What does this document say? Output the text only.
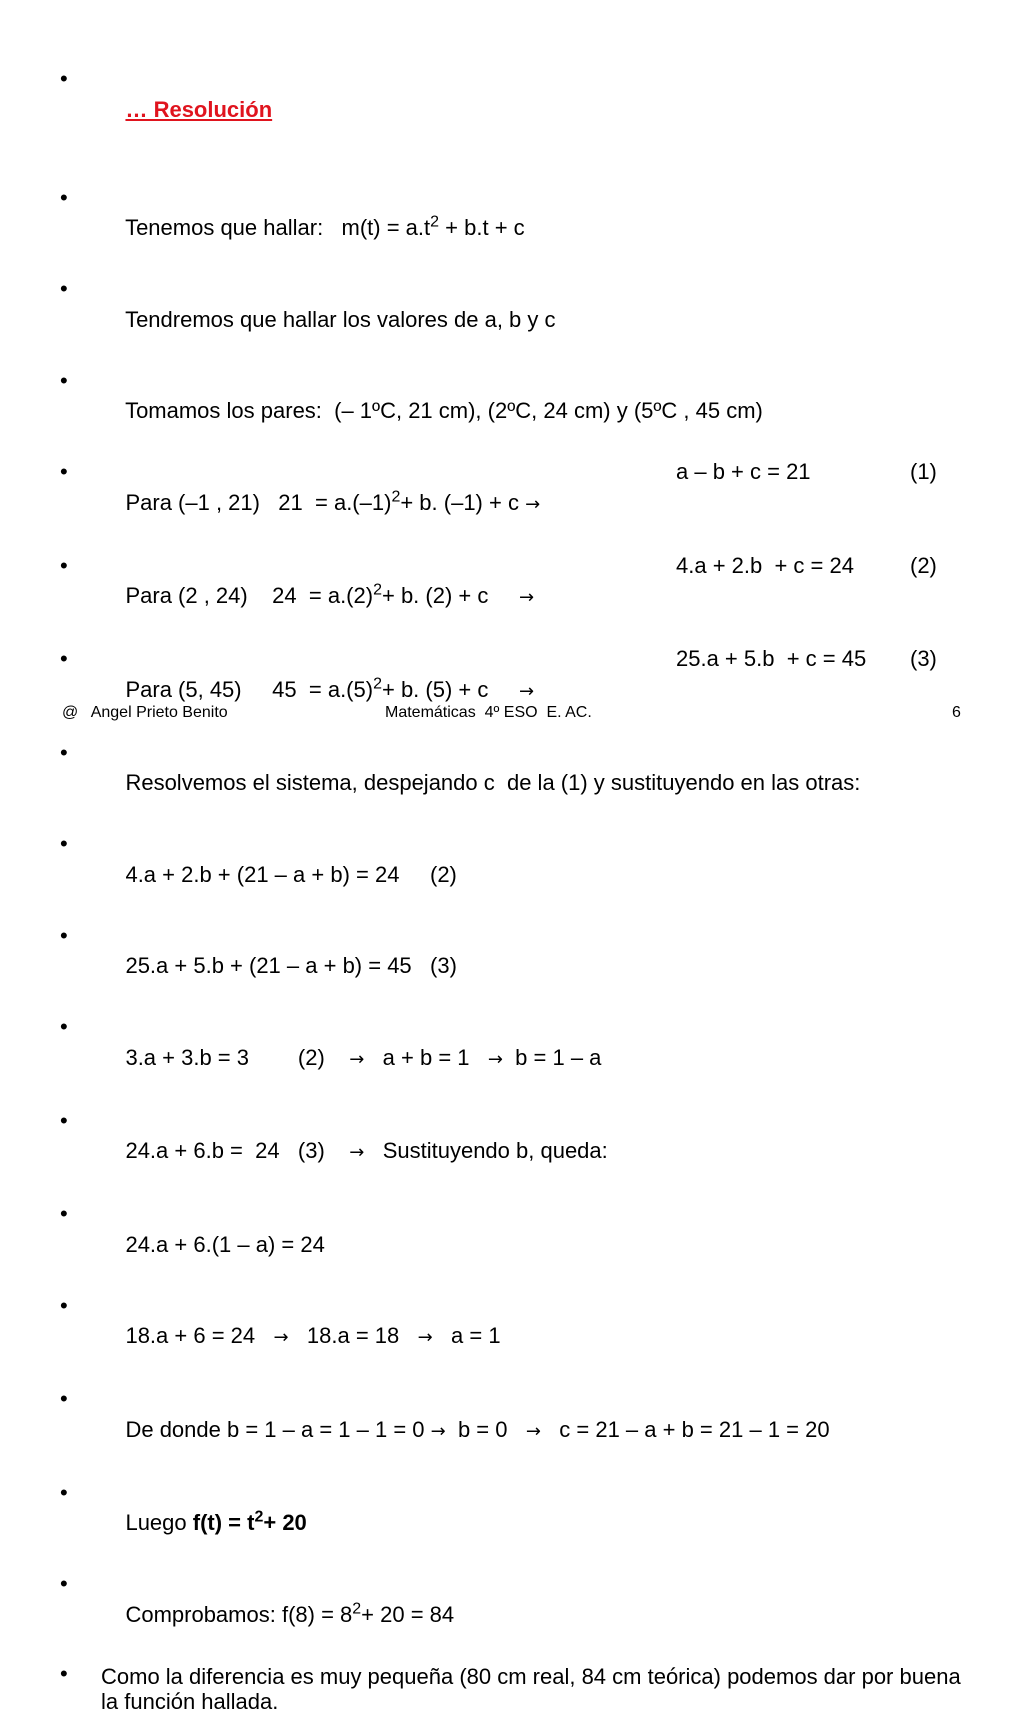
• … Resolución

• Tenemos que hallar:   $m(t) = a.t^2 + b.t + c$

• Tendremos que hallar los valores de a, b y c

• Tomamos los pares:  (– 1ºC, 21 cm), (2ºC, 24 cm) y (5ºC , 45 cm)

• Para (–1 , 21)   $21 = a.(-1)^2+ b$. (–1) + c →
a – b + c = 21	(1)

• Para (2 , 24)    $24 = a.(2)^2+ b$. (2) + c     →
4.a + 2.b  + c = 24	(2)

• Para (5, 45)     $45 = a.(5)^2+ b$. (5) + c     →
25.a + 5.b  + c = 45 (3)

• Resolvemos el sistema, despejando c  de la (1) y sustituyendo en las otras:

• 4.a + 2.b + (21 – a + b) = 24     (2)

• 25.a + 5.b + (21 – a + b) = 45   (3)

• 3.a + 3.b = 3        (2)    →   a + b = 1   →  b = 1 – a

• 24.a + 6.b =  24   (3)    →   Sustituyendo b, queda:

• 24.a + 6.(1 – a) = 24

• 18.a + 6 = 24   →   18.a = 18   →   a = 1

• De donde b = 1 – a = 1 – 1 = 0 →  b = 0   →   c = 21 – a + b = 21 – 1 = 20

• Luego $f(t) = t^2+ 20$

• Comprobamos: $f(8) = 8^2+ 20 = 84$

• Como la diferencia es muy pequeña (80 cm real, 84 cm teórica) podemos dar por buena la función hallada.
@   Angel Prieto Benito	Matemáticas  4º ESO  E. AC.	6
